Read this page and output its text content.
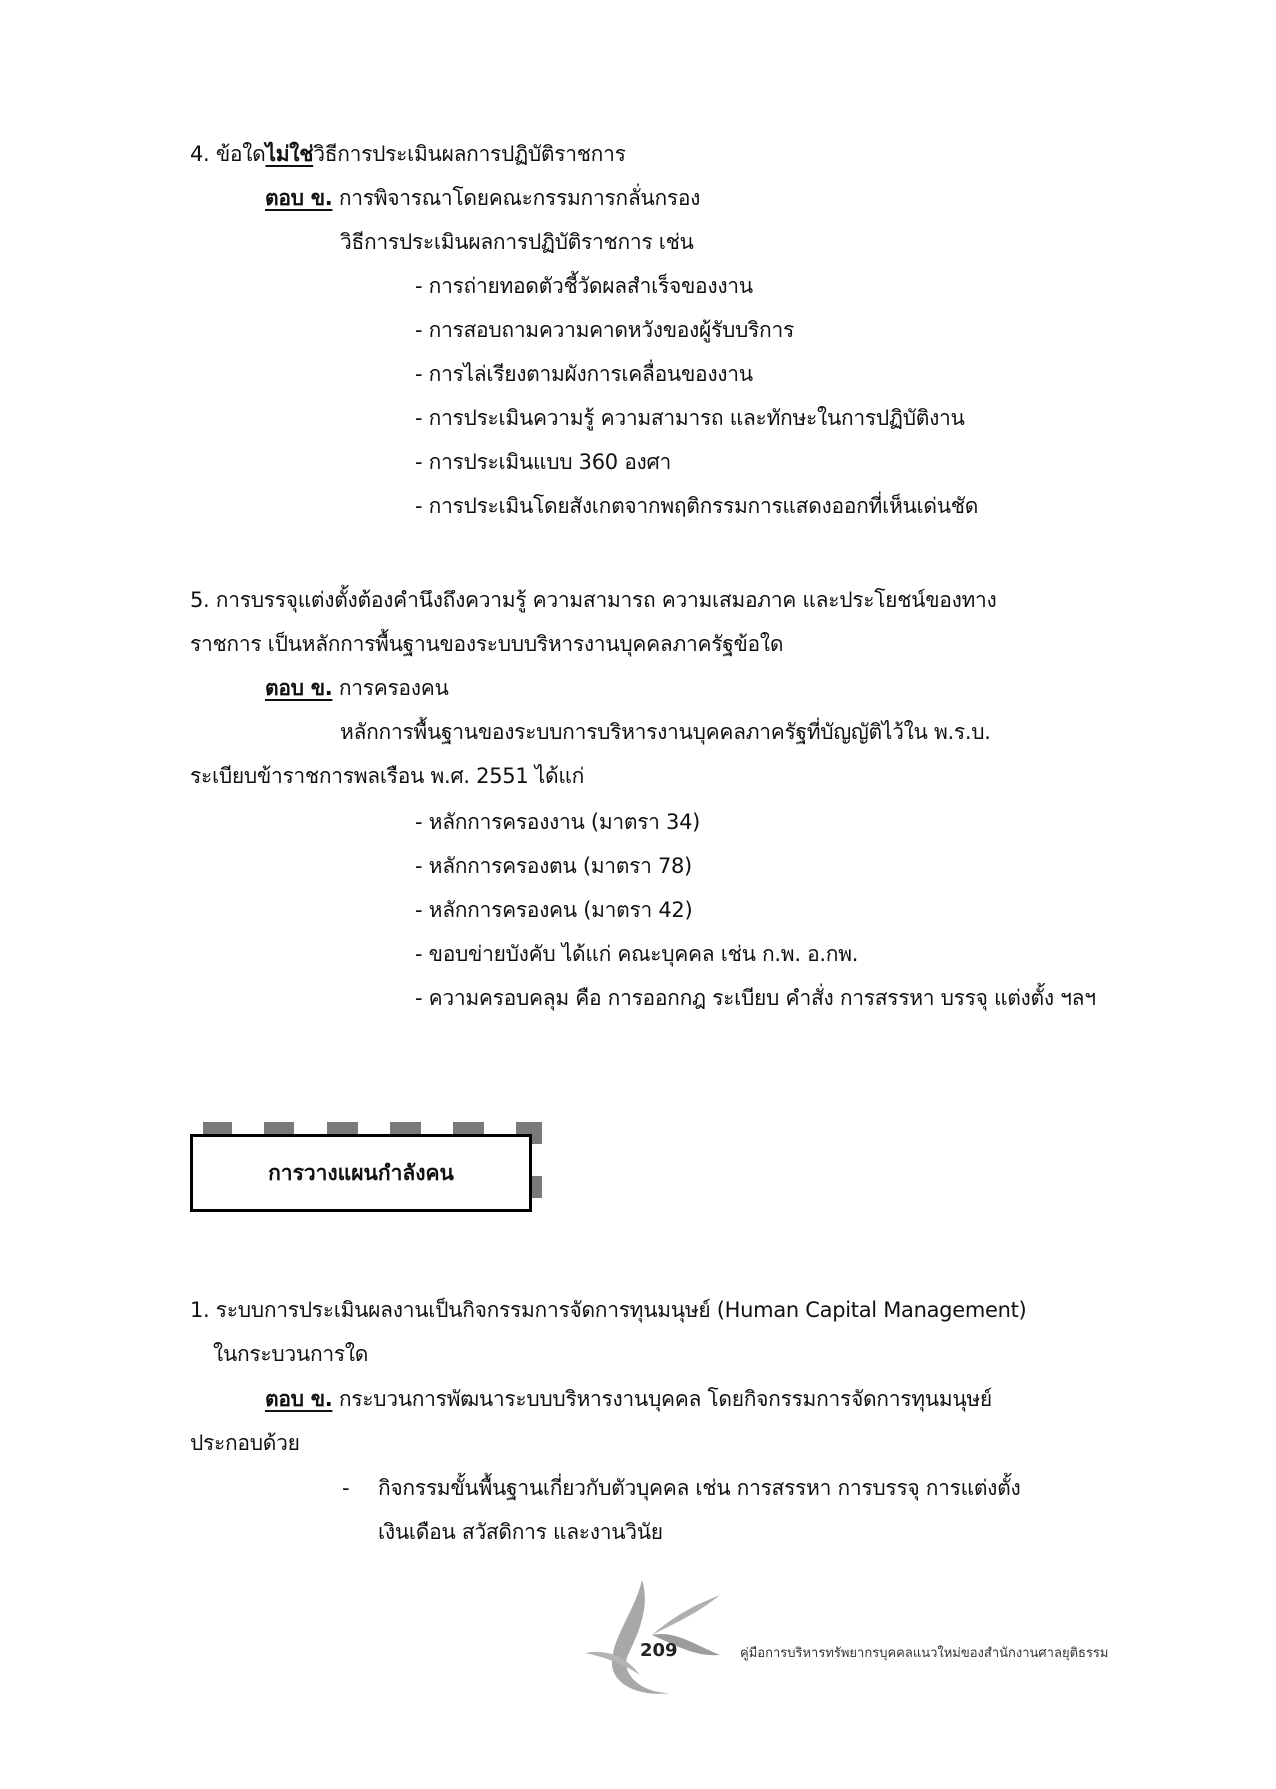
4. ข้อใดไม่ใช่วิธีการประเมินผลการปฏิบัติราชการ
ตอบ ข. การพิจารณาโดยคณะกรรมการกลั่นกรอง
วิธีการประเมินผลการปฏิบัติราชการ เช่น
- การถ่ายทอดตัวชี้วัดผลสำเร็จของงาน
- การสอบถามความคาดหวังของผู้รับบริการ
- การไล่เรียงตามผังการเคลื่อนของงาน
- การประเมินความรู้ ความสามารถ และทักษะในการปฏิบัติงาน
- การประเมินแบบ 360 องศา
- การประเมินโดยสังเกตจากพฤติกรรมการแสดงออกที่เห็นเด่นชัด
5. การบรรจุแต่งตั้งต้องคำนึงถึงความรู้ ความสามารถ ความเสมอภาค และประโยชน์ของทาง
ราชการ เป็นหลักการพื้นฐานของระบบบริหารงานบุคคลภาครัฐข้อใด
ตอบ ข. การครองคน
หลักการพื้นฐานของระบบการบริหารงานบุคคลภาครัฐที่บัญญัติไว้ใน พ.ร.บ.
ระเบียบข้าราชการพลเรือน พ.ศ. 2551 ได้แก่
- หลักการครองงาน (มาตรา 34)
- หลักการครองตน (มาตรา 78)
- หลักการครองคน (มาตรา 42)
- ขอบข่ายบังคับ ได้แก่ คณะบุคคล เช่น ก.พ. อ.กพ.
- ความครอบคลุม คือ การออกกฎ ระเบียบ คำสั่ง การสรรหา บรรจุ แต่งตั้ง ฯลฯ
การวางแผนกำลังคน
1. ระบบการประเมินผลงานเป็นกิจกรรมการจัดการทุนมนุษย์ (Human Capital Management)
ในกระบวนการใด
ตอบ ข. กระบวนการพัฒนาระบบบริหารงานบุคคล โดยกิจกรรมการจัดการทุนมนุษย์
ประกอบด้วย
- กิจกรรมขั้นพื้นฐานเกี่ยวกับตัวบุคคล เช่น การสรรหา การบรรจุ การแต่งตั้ง
เงินเดือน สวัสดิการ และงานวินัย
209	คู่มือการบริหารทรัพยากรบุคคลแนวใหม่ของสำนักงานศาลยุติธรรม
